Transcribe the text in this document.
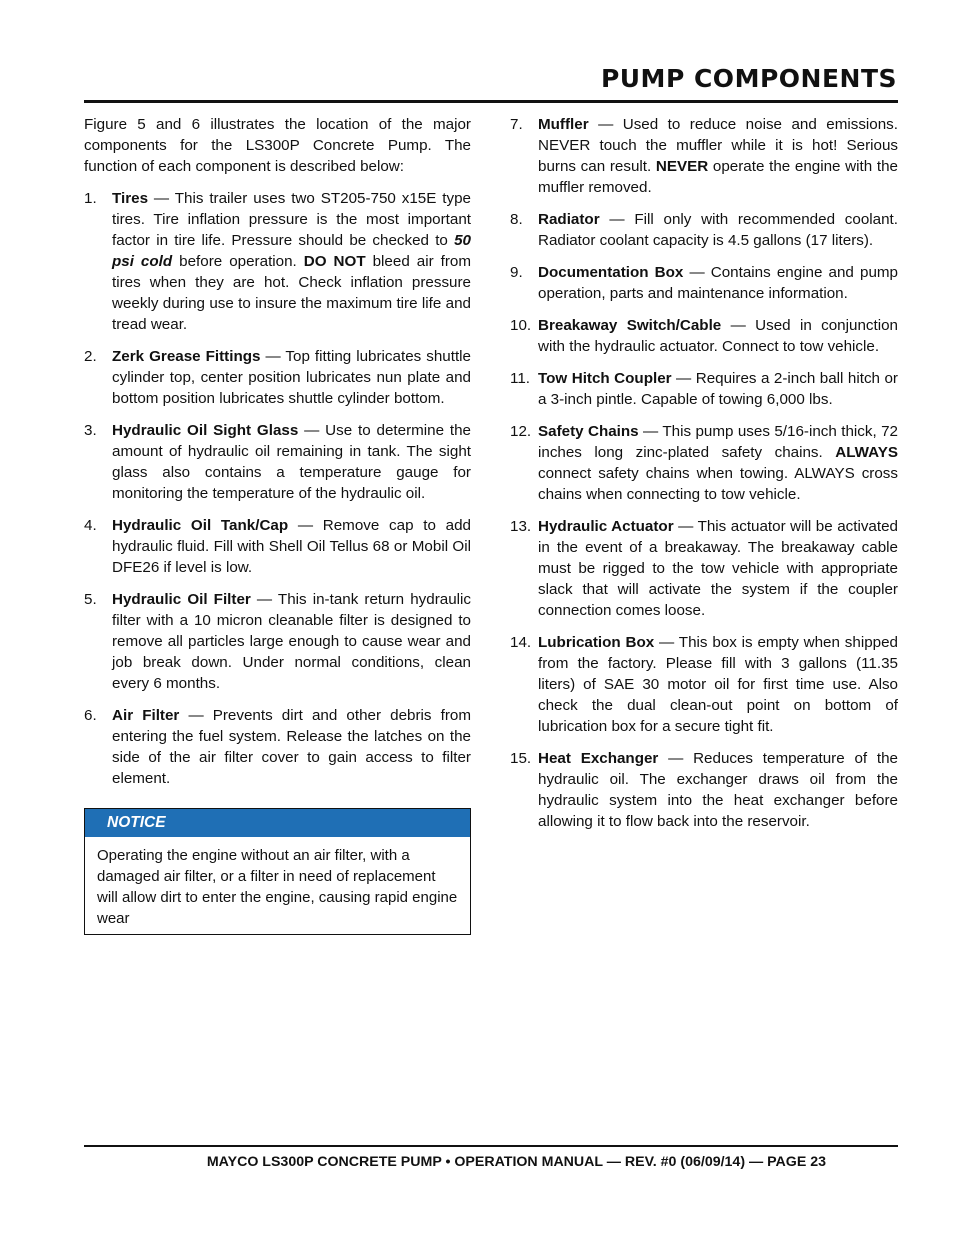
PUMP COMPONENTS

Figure 5 and 6 illustrates the location of the major components for the LS300P Concrete Pump. The function of each component is described below:

1.	Tires — This trailer uses two ST205-750 x15E type tires. Tire inflation pressure is the most important factor in tire life. Pressure should be checked to 50 psi cold before operation. DO NOT bleed air from tires when they are hot. Check inflation pressure weekly during use to insure the maximum tire life and tread wear.
2.	Zerk Grease Fittings — Top fitting lubricates shuttle cylinder top, center position lubricates nun plate and bottom position lubricates shuttle cylinder bottom.
3.	Hydraulic Oil Sight Glass — Use to determine the amount of hydraulic oil remaining in tank. The sight glass also contains a temperature gauge for monitoring the temperature of the hydraulic oil.
4.	Hydraulic Oil Tank/Cap — Remove cap to add hydraulic fluid. Fill with Shell Oil Tellus 68 or Mobil Oil DFE26 if level is low.
5.	Hydraulic Oil Filter — This in-tank return hydraulic filter with a 10 micron cleanable filter is designed to remove all particles large enough to cause wear and job break down. Under normal conditions, clean every 6 months.
6.	Air Filter — Prevents dirt and other debris from entering the fuel system. Release the latches on the side of the air filter cover to gain access to filter element.
NOTICE
Operating the engine without an air filter, with a damaged air filter, or a filter in need of replacement will allow dirt to enter the engine, causing rapid engine wear
7.	Muffler — Used to reduce noise and emissions. NEVER touch the muffler while it is hot! Serious burns can result. NEVER operate the engine with the muffler removed.
8.	Radiator — Fill only with recommended coolant. Radiator coolant capacity is 4.5 gallons (17 liters).
9.	Documentation Box — Contains engine and pump operation, parts and maintenance information.
10. Breakaway Switch/Cable — Used in conjunction with the hydraulic actuator. Connect to tow vehicle.
11. Tow Hitch Coupler — Requires a 2-inch ball hitch or a 3-inch pintle. Capable of towing 6,000 lbs.
12. Safety Chains — This pump uses 5/16-inch thick, 72 inches long zinc-plated safety chains. ALWAYS connect safety chains when towing. ALWAYS cross chains when connecting to tow vehicle.
13. Hydraulic Actuator — This actuator will be activated in the event of a breakaway. The breakaway cable must be rigged to the tow vehicle with appropriate slack that will activate the system if the coupler connection comes loose.
14. Lubrication Box — This box is empty when shipped from the factory. Please fill with 3 gallons (11.35 liters) of SAE 30 motor oil for first time use. Also check the dual clean-out point on bottom of lubrication box for a secure tight fit.
15. Heat Exchanger — Reduces temperature of the hydraulic oil. The exchanger draws oil from the hydraulic system into the heat exchanger before allowing it to flow back into the reservoir.
MAYCO LS300P CONCRETE PUMP • OPERATION MANUAL — REV. #0 (06/09/14) — PAGE 23
